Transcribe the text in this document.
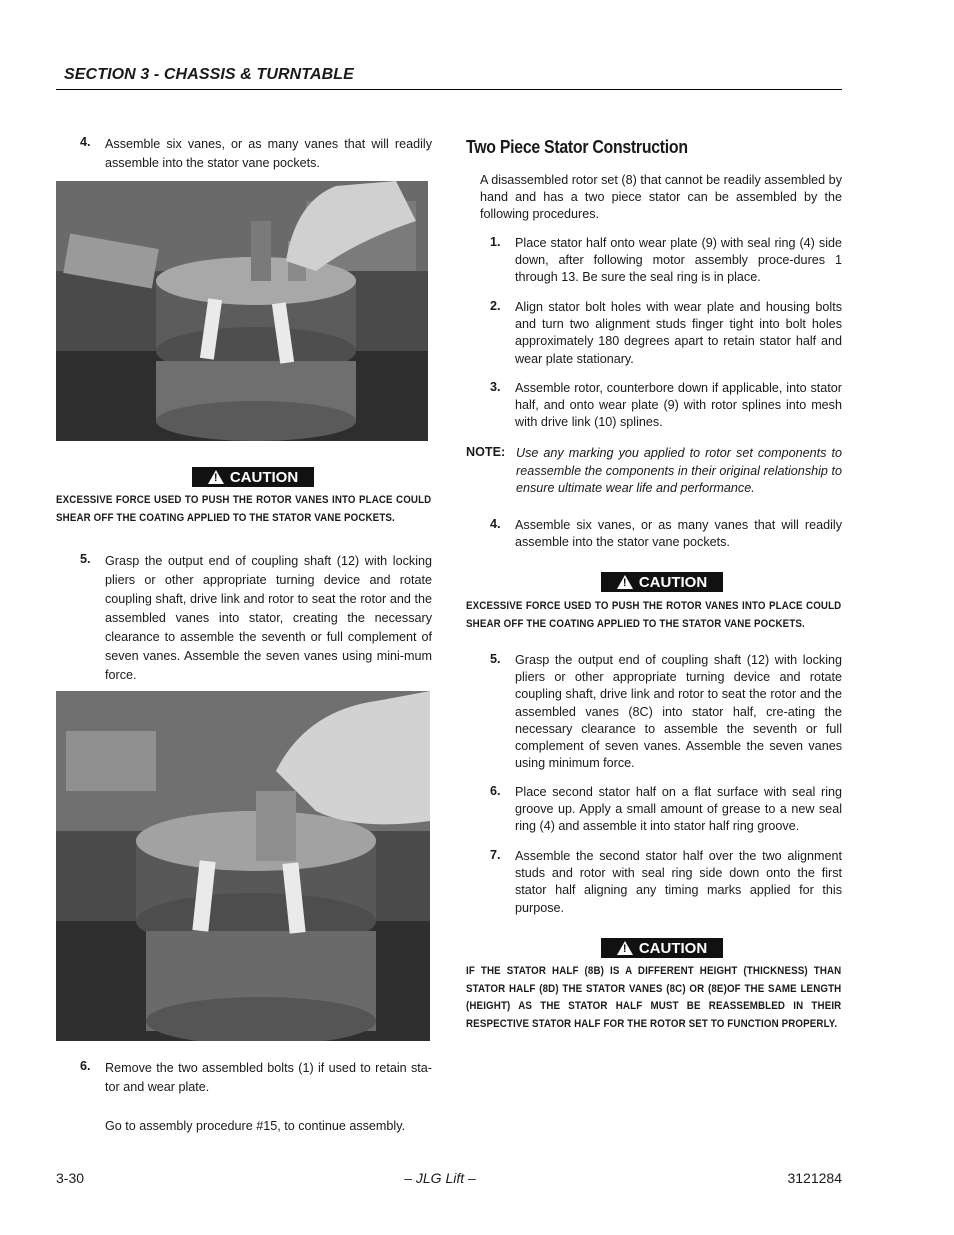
SECTION 3 - CHASSIS & TURNTABLE
4. Assemble six vanes, or as many vanes that will readily assemble into the stator vane pockets.
! CAUTION
EXCESSIVE FORCE USED TO PUSH THE ROTOR VANES INTO PLACE COULD SHEAR OFF THE COATING APPLIED TO THE STATOR VANE POCKETS.
5. Grasp the output end of coupling shaft (12) with locking pliers or other appropriate turning device and rotate coupling shaft, drive link and rotor to seat the rotor and the assembled vanes into stator, creating the necessary clearance to assemble the seventh or full complement of seven vanes. Assemble the seven vanes using mini-mum force.
6. Remove the two assembled bolts (1) if used to retain sta-tor and wear plate.
Go to assembly procedure #15, to continue assembly.
Two Piece Stator Construction
A disassembled rotor set (8) that cannot be readily assembled by hand and has a two piece stator can be assembled by the following procedures.
1. Place stator half onto wear plate (9) with seal ring (4) side down, after following motor assembly proce-dures 1 through 13. Be sure the seal ring is in place.
2. Align stator bolt holes with wear plate and housing bolts and turn two alignment studs finger tight into bolt holes approximately 180 degrees apart to retain stator half and wear plate stationary.
3. Assemble rotor, counterbore down if applicable, into stator half, and onto wear plate (9) with rotor splines into mesh with drive link (10) splines.
NOTE: Use any marking you applied to rotor set components to reassemble the components in their original relationship to ensure ultimate wear life and performance.
4. Assemble six vanes, or as many vanes that will readily assemble into the stator vane pockets.
! CAUTION
EXCESSIVE FORCE USED TO PUSH THE ROTOR VANES INTO PLACE COULD SHEAR OFF THE COATING APPLIED TO THE STATOR VANE POCKETS.
5. Grasp the output end of coupling shaft (12) with locking pliers or other appropriate turning device and rotate coupling shaft, drive link and rotor to seat the rotor and the assembled vanes (8C) into stator half, cre-ating the necessary clearance to assemble the seventh or full complement of seven vanes. Assemble the seven vanes using minimum force.
6. Place second stator half on a flat surface with seal ring groove up. Apply a small amount of grease to a new seal ring (4) and assemble it into stator half ring groove.
7. Assemble the second stator half over the two alignment studs and rotor with seal ring side down onto the first stator half aligning any timing marks applied for this purpose.
! CAUTION
IF THE STATOR HALF (8B) IS A DIFFERENT HEIGHT (THICKNESS) THAN STATOR HALF (8D) THE STATOR VANES (8C) OR (8E)OF THE SAME LENGTH (HEIGHT) AS THE STATOR HALF MUST BE REASSEMBLED IN THEIR RESPECTIVE STATOR HALF FOR THE ROTOR SET TO FUNCTION PROPERLY.
3-30	– JLG Lift –	3121284
